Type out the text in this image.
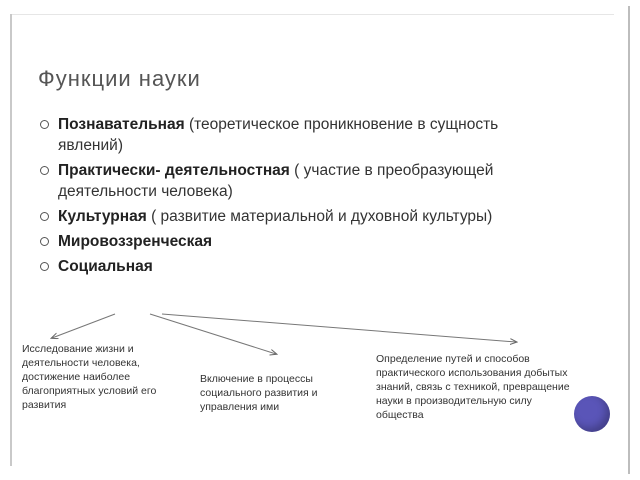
Функции науки
Познавательная (теоретическое проникновение в сущность явлений)
Практически- деятельностная ( участие в преобразующей деятельности человека)
Культурная ( развитие материальной и духовной культуры)
Мировоззренческая
Социальная
Исследование жизни и деятельности человека, достижение наиболее благоприятных условий его развития
Включение в процессы социального развития и управления ими
Определение путей и способов практического использования добытых знаний, связь с техникой, превращение науки в производительную силу общества
